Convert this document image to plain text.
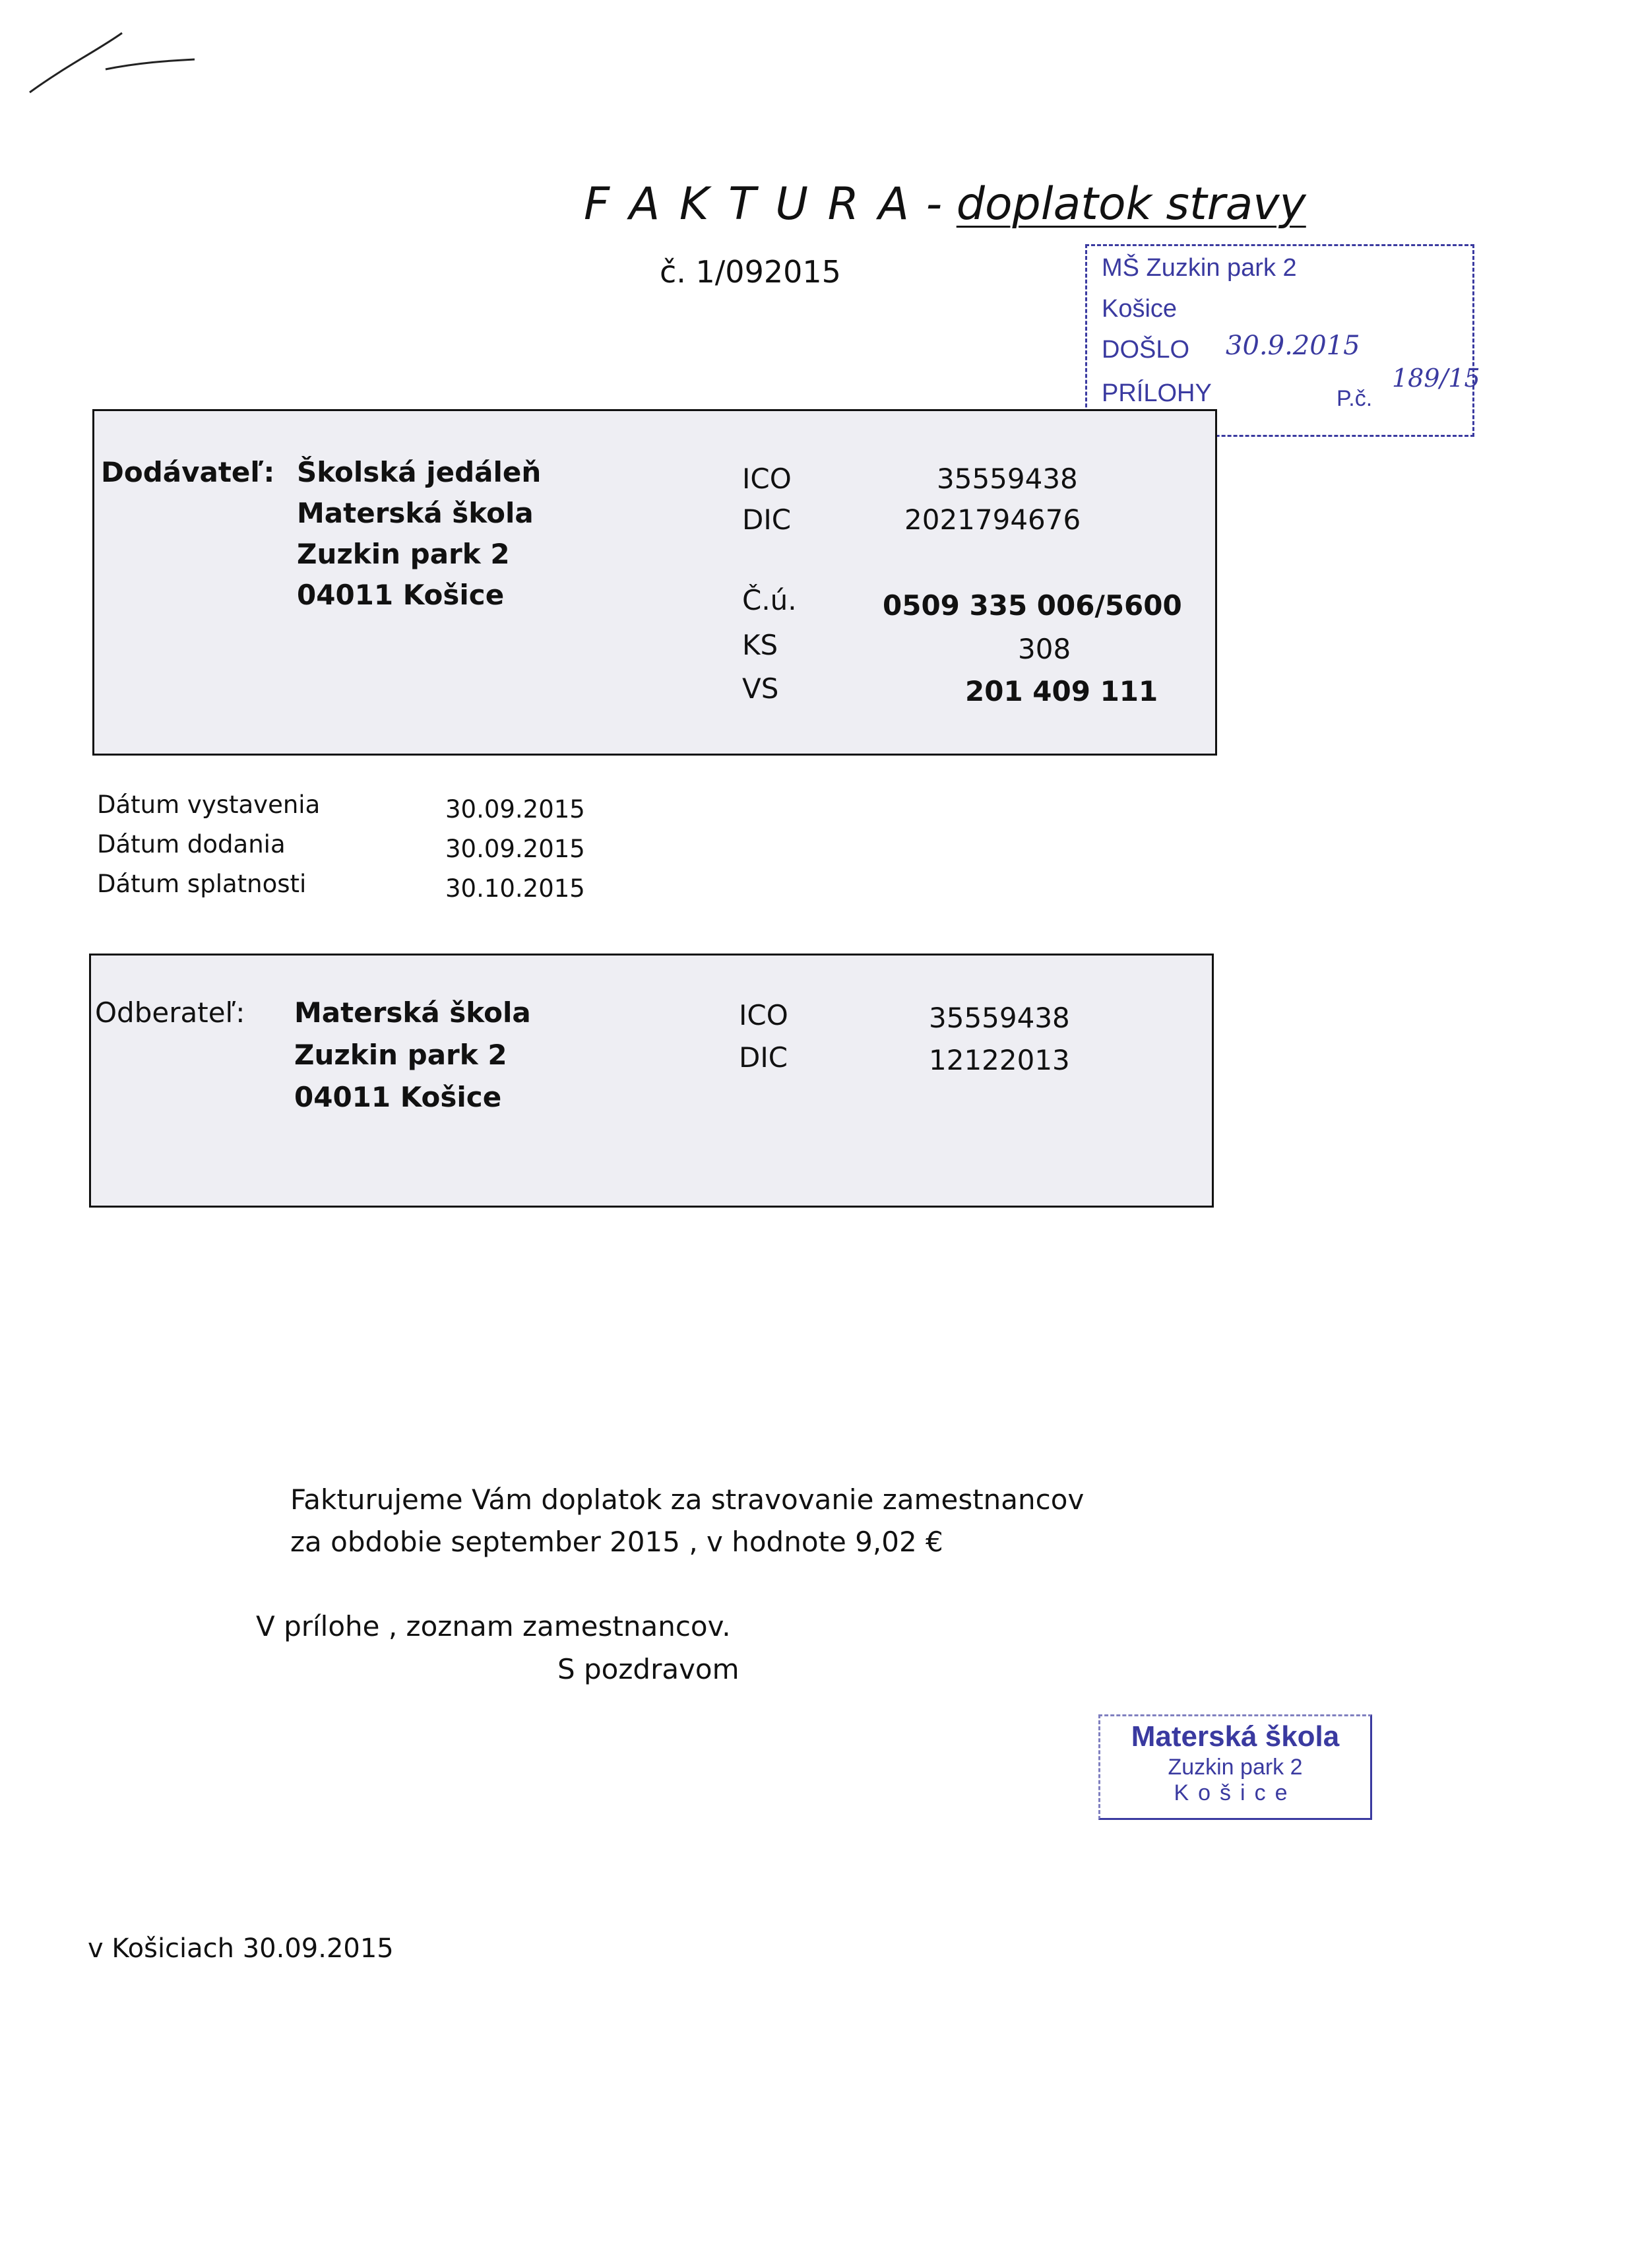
F A K T U R A - doplatok stravy
č. 1/092015	MŠ Zuzkin park 2
Košice
DOŠLO 30.9.2015
PRÍLOHY	P.č.
189/15
Dodávateľ: Školská jedáleň
Materská škola
Zuzkin park 2
04011 Košice
ICO	35559438
DIC	2021794676
Č.ú.	0509 335 006/5600
KS	308
VS	201 409 111
Dátum vystavenia	30.09.2015
Dátum dodania	30.09.2015
Dátum splatnosti	30.10.2015
Odberateľ: Materská škola
Zuzkin park 2
04011 Košice
ICO	35559438
DIC	12122013
Fakturujeme Vám doplatok za stravovanie zamestnancov
za obdobie september 2015 , v hodnote 9,02 €
V prílohe , zoznam zamestnancov.
S pozdravom
Materská škola
Zuzkin park 2
Košice
v Košiciach 30.09.2015
